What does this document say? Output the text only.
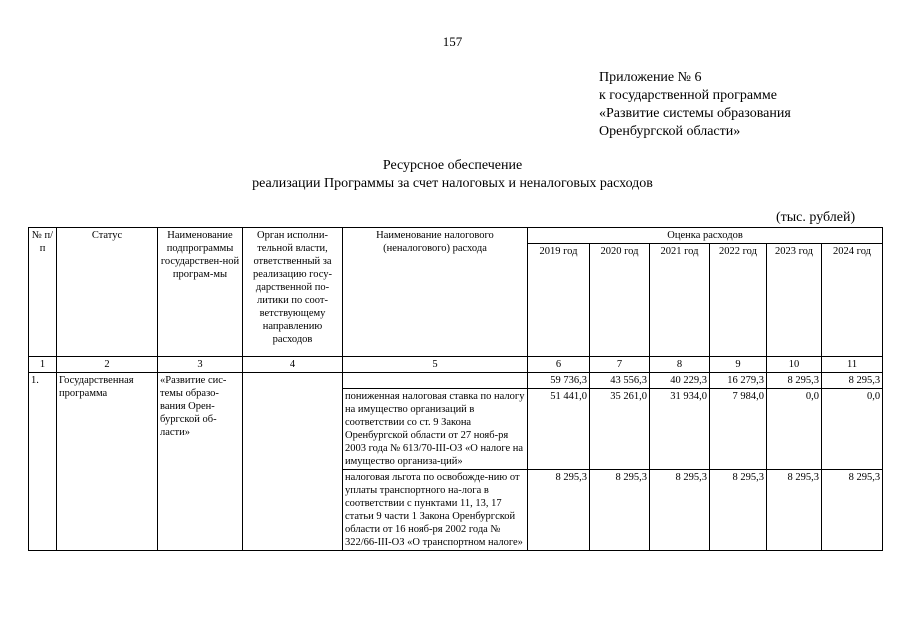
157
Приложение № 6
к государственной программе
«Развитие системы образования
Оренбургской области»
Ресурсное обеспечение
реализации Программы за счет налоговых и неналоговых расходов
(тыс. рублей)
№ п/п	Статус	Наименование подпрограммы государствен-ной програм-мы	Орган исполни-тельной власти, ответственный за реализацию госу-дарственной по-литики по соот-ветствующему направлению расходов	Наименование налогового (неналогового) расхода	Оценка расходов					
					2019 год	2020 год	2021 год	2022 год	2023 год	2024 год
1	2	3	4	5	6	7	8	9	10	11
1.	Государственная программа	«Развитие сис-темы образо-вания Орен-бургской об-ласти»			59 736,3	43 556,3	40 229,3	16 279,3	8 295,3	8 295,3
				пониженная налоговая ставка по налогу на имущество организаций в соответствии со ст. 9 Закона Оренбургской области от 27 нояб-ря 2003 года № 613/70-III-ОЗ «О налоге на имущество организа-ций»	51 441,0	35 261,0	31 934,0	7 984,0	0,0	0,0
				налоговая льгота по освобожде-нию от уплаты транспортного на-лога в соответствии с пунктами 11, 13, 17 статьи 9 части 1 Закона Оренбургской области от 16 нояб-ря 2002 года № 322/66-III-ОЗ «О транспортном налоге»	8 295,3	8 295,3	8 295,3	8 295,3	8 295,3	8 295,3
